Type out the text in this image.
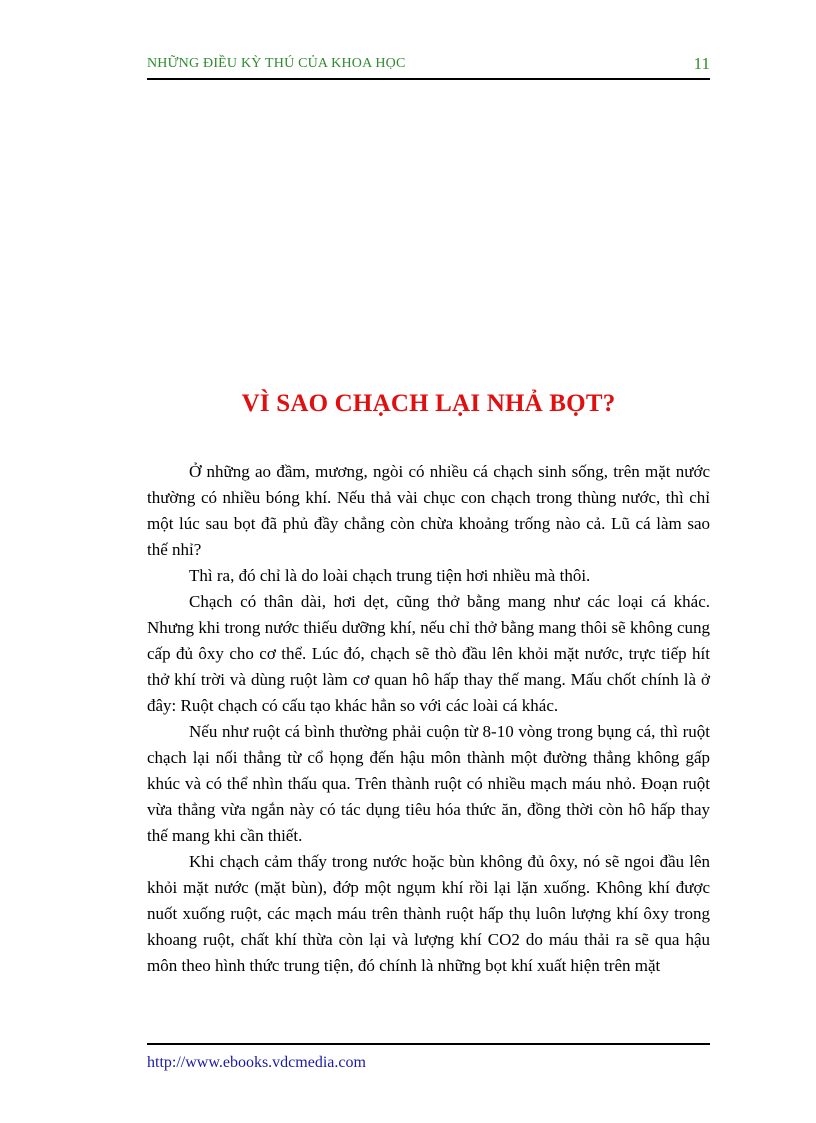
NHỮNG ĐIỀU KỲ THÚ CỦA KHOA HỌC	11
VÌ SAO CHẠCH LẠI NHẢ BỌT?

Ở những ao đầm, mương, ngòi có nhiều cá chạch sinh sống, trên mặt nước thường có nhiều bóng khí. Nếu thả vài chục con chạch trong thùng nước, thì chỉ một lúc sau bọt đã phủ đầy chẳng còn chừa khoảng trống nào cả. Lũ cá làm sao thế nhỉ?

Thì ra, đó chỉ là do loài chạch trung tiện hơi nhiều mà thôi.

Chạch có thân dài, hơi dẹt, cũng thở bằng mang như các loại cá khác. Nhưng khi trong nước thiếu dưỡng khí, nếu chỉ thở bằng mang thôi sẽ không cung cấp đủ ôxy cho cơ thể. Lúc đó, chạch sẽ thò đầu lên khỏi mặt nước, trực tiếp hít thở khí trời và dùng ruột làm cơ quan hô hấp thay thế mang. Mấu chốt chính là ở đây: Ruột chạch có cấu tạo khác hẳn so với các loài cá khác.

Nếu như ruột cá bình thường phải cuộn từ 8-10 vòng trong bụng cá, thì ruột chạch lại nối thẳng từ cổ họng đến hậu môn thành một đường thẳng không gấp khúc và có thể nhìn thấu qua. Trên thành ruột có nhiều mạch máu nhỏ. Đoạn ruột vừa thẳng vừa ngắn này có tác dụng tiêu hóa thức ăn, đồng thời còn hô hấp thay thế mang khi cần thiết.

Khi chạch cảm thấy trong nước hoặc bùn không đủ ôxy, nó sẽ ngoi đầu lên khỏi mặt nước (mặt bùn), đớp một ngụm khí rồi lại lặn xuống. Không khí được nuốt xuống ruột, các mạch máu trên thành ruột hấp thụ luôn lượng khí ôxy trong khoang ruột, chất khí thừa còn lại và lượng khí CO2 do máu thải ra sẽ qua hậu môn theo hình thức trung tiện, đó chính là những bọt khí xuất hiện trên mặt

http://www.ebooks.vdcmedia.com
